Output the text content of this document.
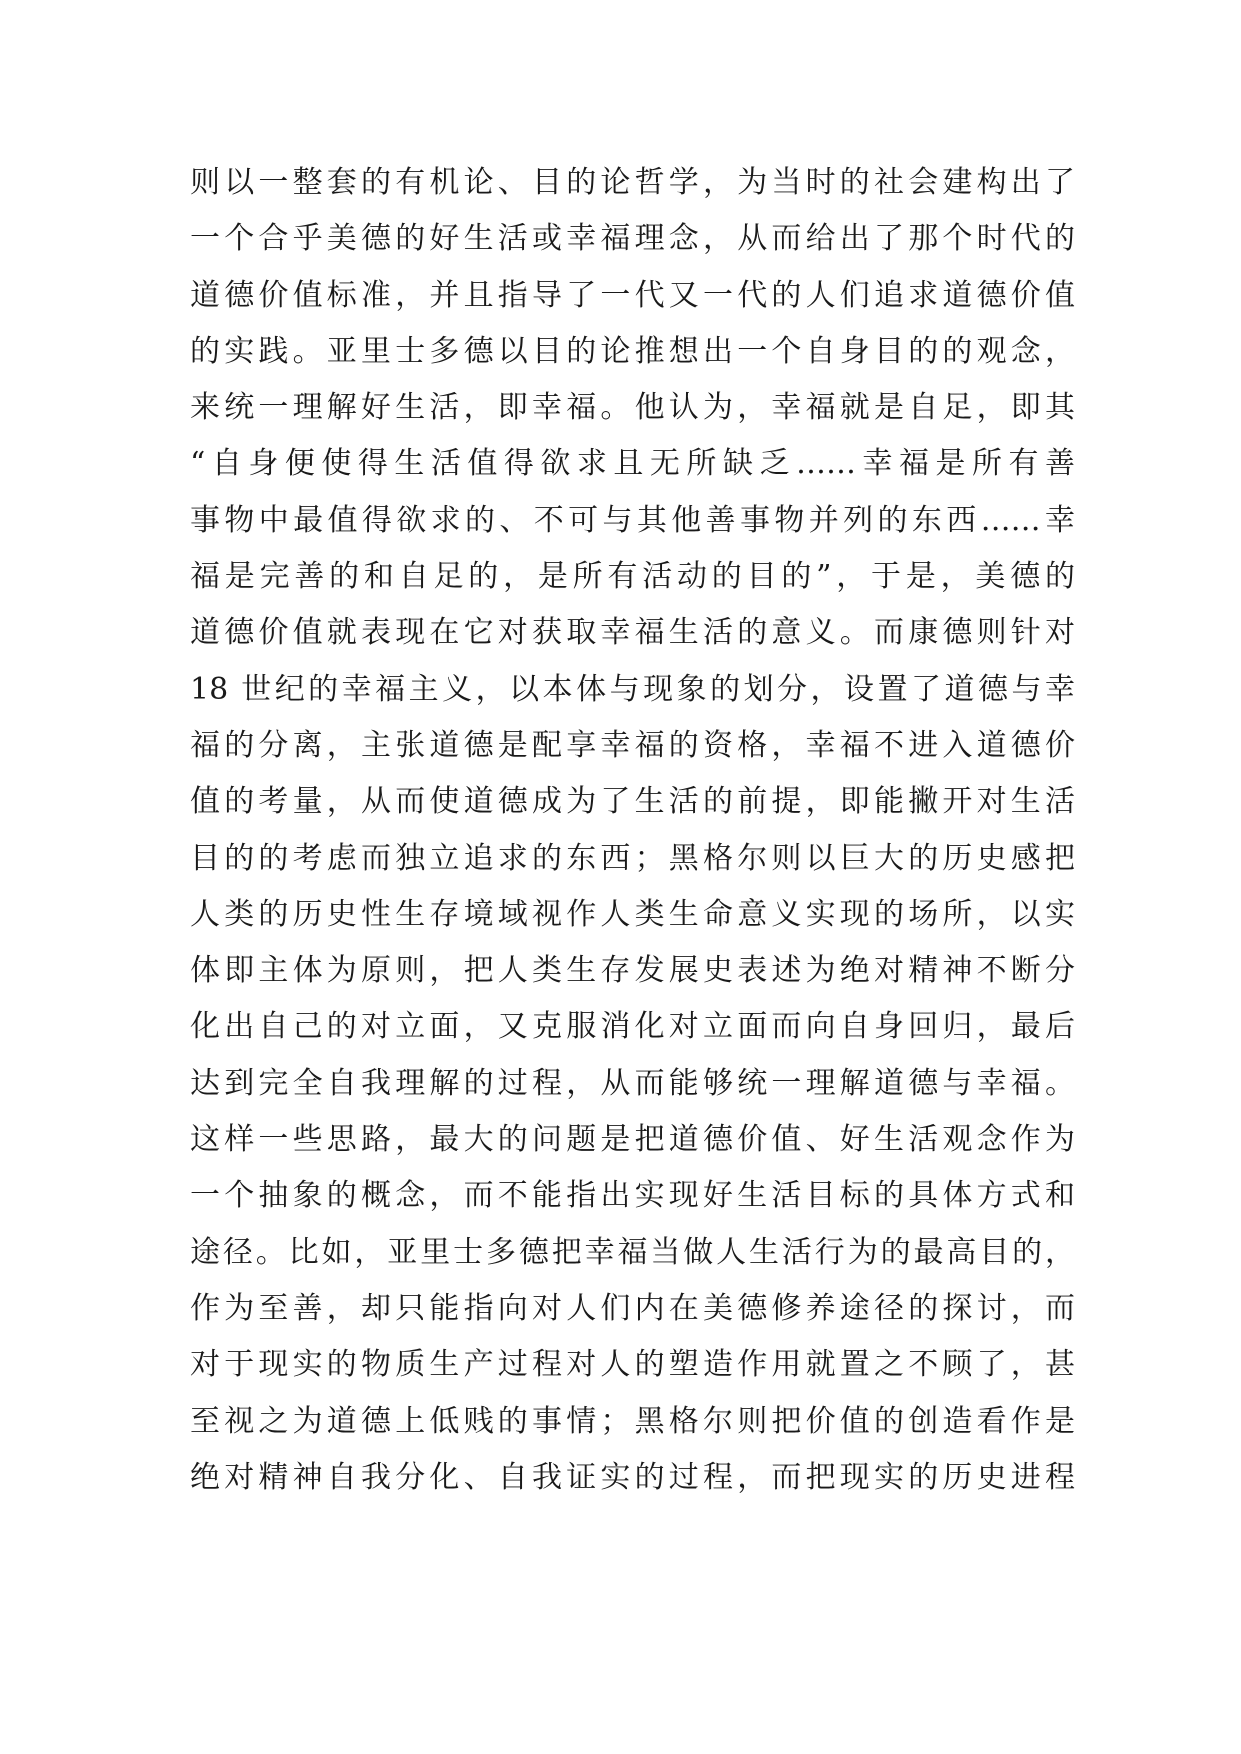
则以一整套的有机论、目的论哲学，为当时的社会建构出了
一个合乎美德的好生活或幸福理念，从而给出了那个时代的
道德价值标准，并且指导了一代又一代的人们追求道德价值
的实践。亚里士多德以目的论推想出一个自身目的的观念，
来统一理解好生活，即幸福。他认为，幸福就是自足，即其
“自身便使得生活值得欲求且无所缺乏……幸福是所有善
事物中最值得欲求的、不可与其他善事物并列的东西……幸
福是完善的和自足的，是所有活动的目的”，于是，美德的
道德价值就表现在它对获取幸福生活的意义。而康德则针对
18 世纪的幸福主义，以本体与现象的划分，设置了道德与幸
福的分离，主张道德是配享幸福的资格，幸福不进入道德价
值的考量，从而使道德成为了生活的前提，即能撇开对生活
目的的考虑而独立追求的东西；黑格尔则以巨大的历史感把
人类的历史性生存境域视作人类生命意义实现的场所，以实
体即主体为原则，把人类生存发展史表述为绝对精神不断分
化出自己的对立面，又克服消化对立面而向自身回归，最后
达到完全自我理解的过程，从而能够统一理解道德与幸福。
这样一些思路，最大的问题是把道德价值、好生活观念作为
一个抽象的概念，而不能指出实现好生活目标的具体方式和
途径。比如，亚里士多德把幸福当做人生活行为的最高目的，
作为至善，却只能指向对人们内在美德修养途径的探讨，而
对于现实的物质生产过程对人的塑造作用就置之不顾了，甚
至视之为道德上低贱的事情；黑格尔则把价值的创造看作是
绝对精神自我分化、自我证实的过程，而把现实的历史进程
